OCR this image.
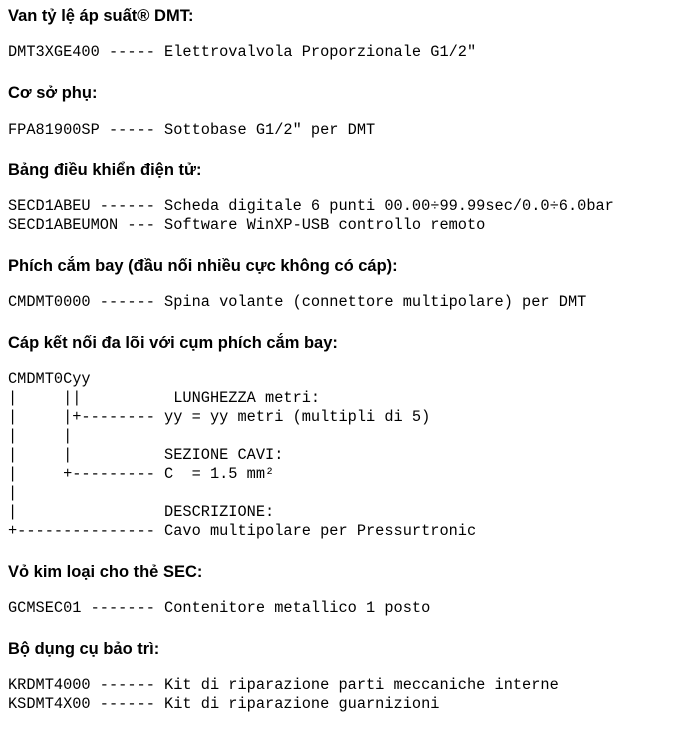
Van tỷ lệ áp suất® DMT:
DMT3XGE400 ----- Elettrovalvola Proporzionale G1/2"
Cơ sở phụ:
FPA81900SP ----- Sottobase G1/2" per DMT
Bảng điều khiển điện tử:
SECD1ABEU ------ Scheda digitale 6 punti 00.00÷99.99sec/0.0÷6.0bar
SECD1ABEUMON --- Software WinXP-USB controllo remoto
Phích cắm bay (đầu nối nhiều cực không có cáp):
CMDMT0000 ------ Spina volante (connettore multipolare) per DMT
Cáp kết nối đa lõi với cụm phích cắm bay:
CMDMT0Cyy
|     ||          LUNGHEZZA metri:
|     |+-------- yy = yy metri (multipli di 5)
|     |
|     |          SEZIONE CAVI:
|     +--------- C  = 1.5 mm²
|
|                DESCRIZIONE:
+--------------- Cavo multipolare per Pressurtronic
Vỏ kim loại cho thẻ SEC:
GCMSEC01 ------- Contenitore metallico 1 posto
Bộ dụng cụ bảo trì:
KRDMT4000 ------ Kit di riparazione parti meccaniche interne
KSDMT4X00 ------ Kit di riparazione guarnizioni
